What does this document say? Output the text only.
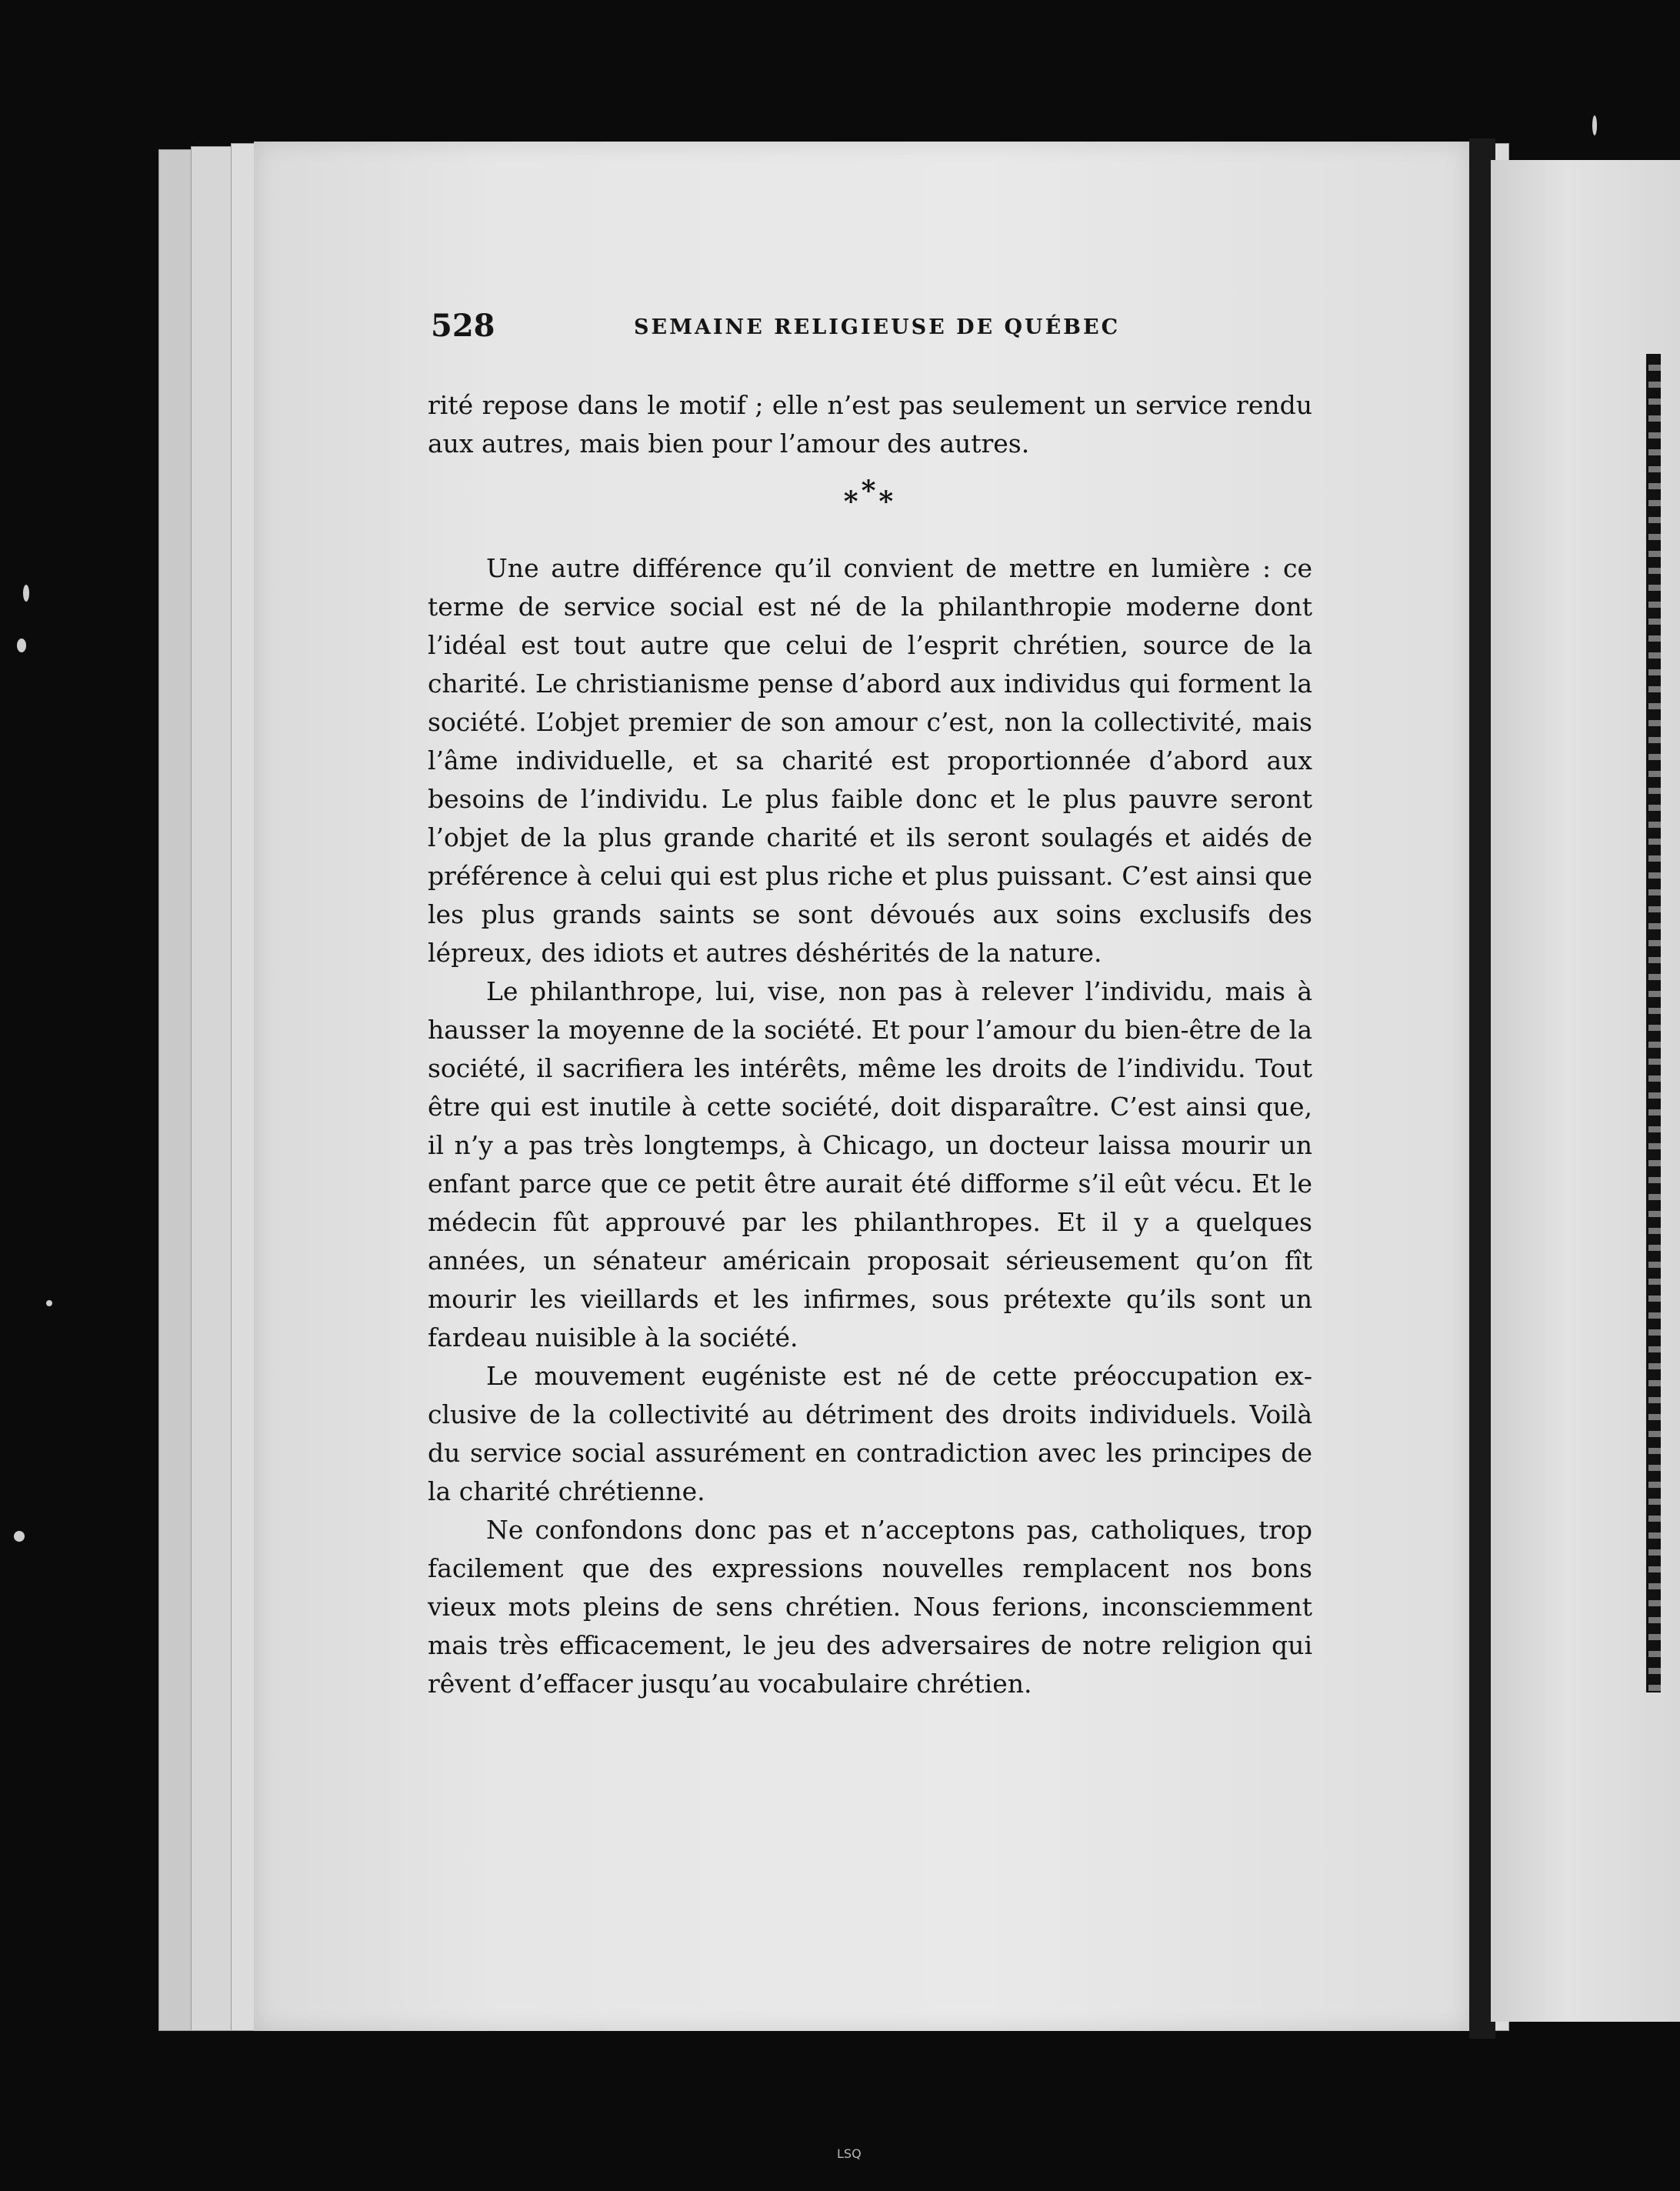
528	SEMAINE RELIGIEUSE DE QUÉBEC

rité repose dans le motif ; elle n’est pas seulement un service rendu aux autres, mais bien pour l’amour des autres.

***

Une autre différence qu’il convient de mettre en lumière : ce terme de service social est né de la philanthropie moderne dont l’idéal est tout autre que celui de l’esprit chrétien, source de la charité. Le christianisme pense d’abord aux individus qui forment la société. L’objet premier de son amour c’est, non la collectivité, mais l’âme individuelle, et sa charité est proportionnée d’abord aux besoins de l’individu. Le plus faible donc et le plus pauvre seront l’objet de la plus grande charité et ils seront soulagés et aidés de préférence à celui qui est plus riche et plus puissant. C’est ainsi que les plus grands saints se sont dévoués aux soins exclusifs des lépreux, des idiots et autres déshérités de la nature.

Le philanthrope, lui, vise, non pas à relever l’individu, mais à hausser la moyenne de la société. Et pour l’amour du bien-être de la société, il sacrifiera les intérêts, même les droits de l’individu. Tout être qui est inutile à cette société, doit disparaître. C’est ainsi que, il n’y a pas très longtemps, à Chicago, un docteur laissa mourir un enfant parce que ce petit être aurait été difforme s’il eût vécu. Et le médecin fût approuvé par les philanthropes. Et il y a quelques années, un sénateur américain proposait sérieusement qu’on fît mourir les vieillards et les infirmes, sous prétexte qu’ils sont un fardeau nuisible à la société.

Le mouvement eugéniste est né de cette préoccupation exclusive de la collectivité au détriment des droits individuels. Voilà du service social assurément en contradiction avec les principes de la charité chrétienne.

Ne confondons donc pas et n’acceptons pas, catholiques, trop facilement que des expressions nouvelles remplacent nos bons vieux mots pleins de sens chrétien. Nous ferions, inconsciemment mais très efficacement, le jeu des adversaires de notre religion qui rêvent d’effacer jusqu’au vocabulaire chrétien.

LSQ
